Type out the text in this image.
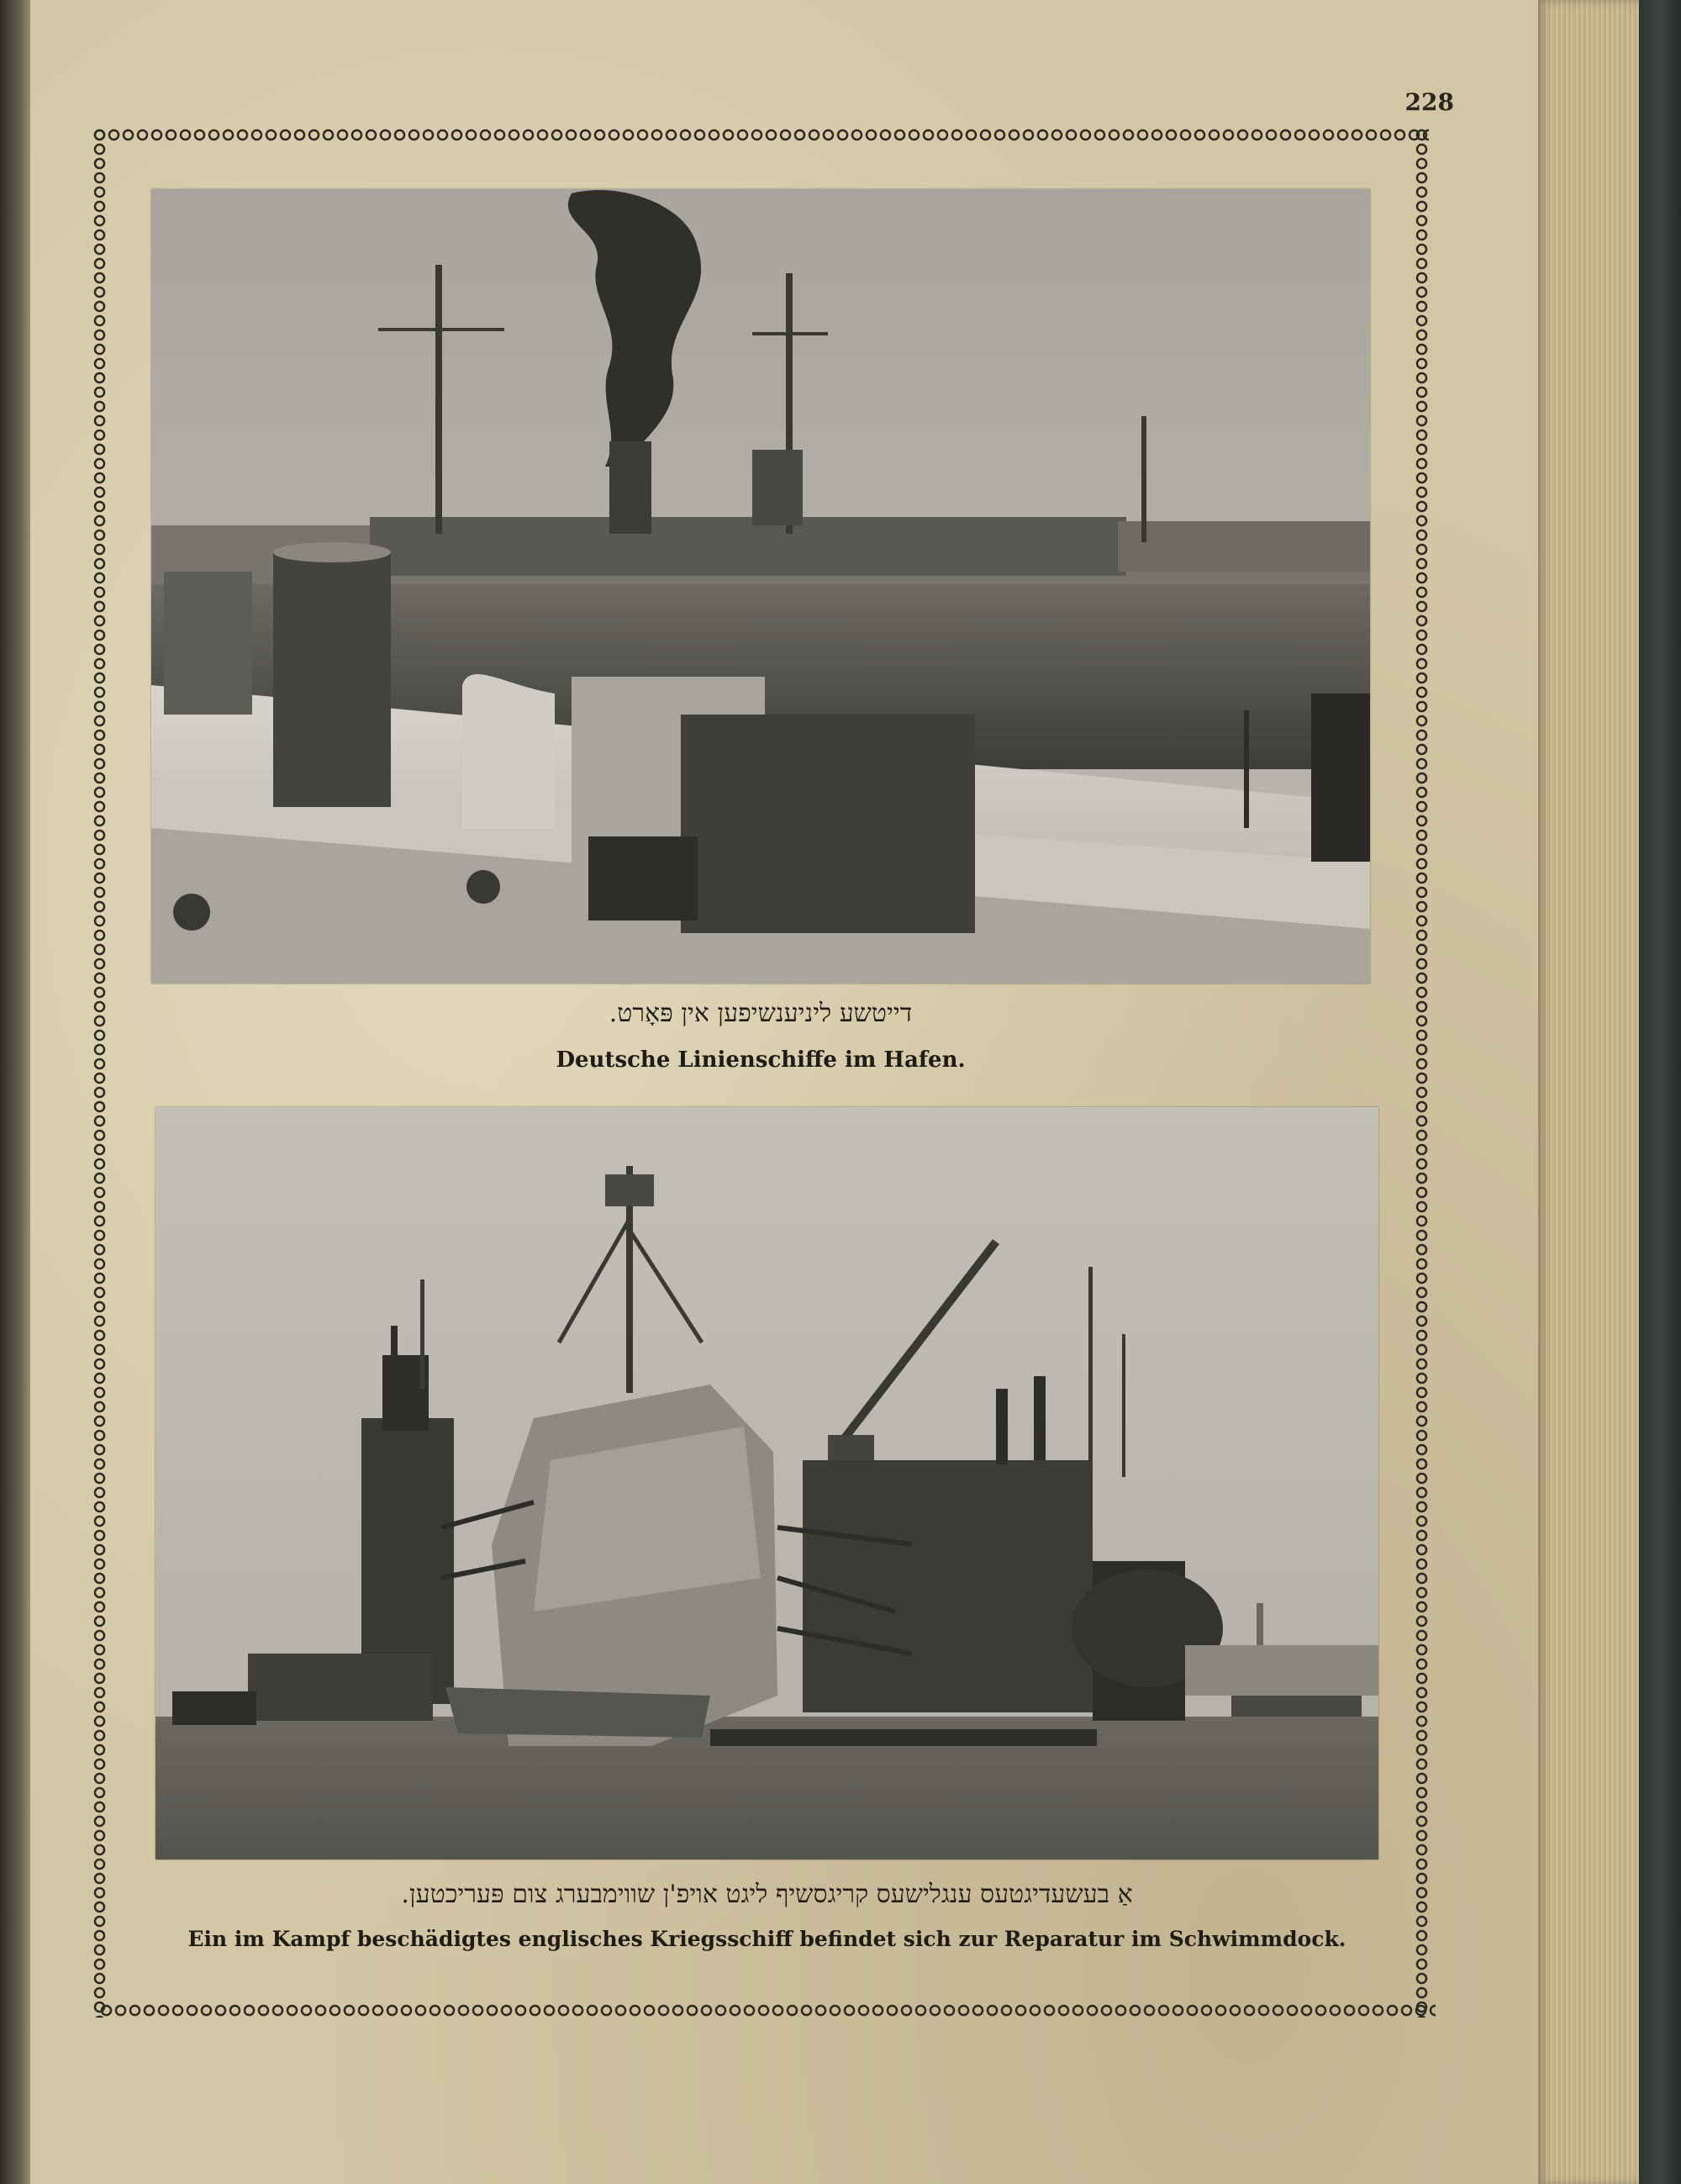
228
דייטשע ליניענשיפען אין פּאָרט.
Deutsche Linienschiffe im Hafen.
אַ בעשעדיגטעס ענגלישעס קריגסשיף ליגט אויפ'ן שווימבערג צום פּעריכטען.
Ein im Kampf beschädigtes englisches Kriegsschiff befindet sich zur Reparatur im Schwimmdock.
